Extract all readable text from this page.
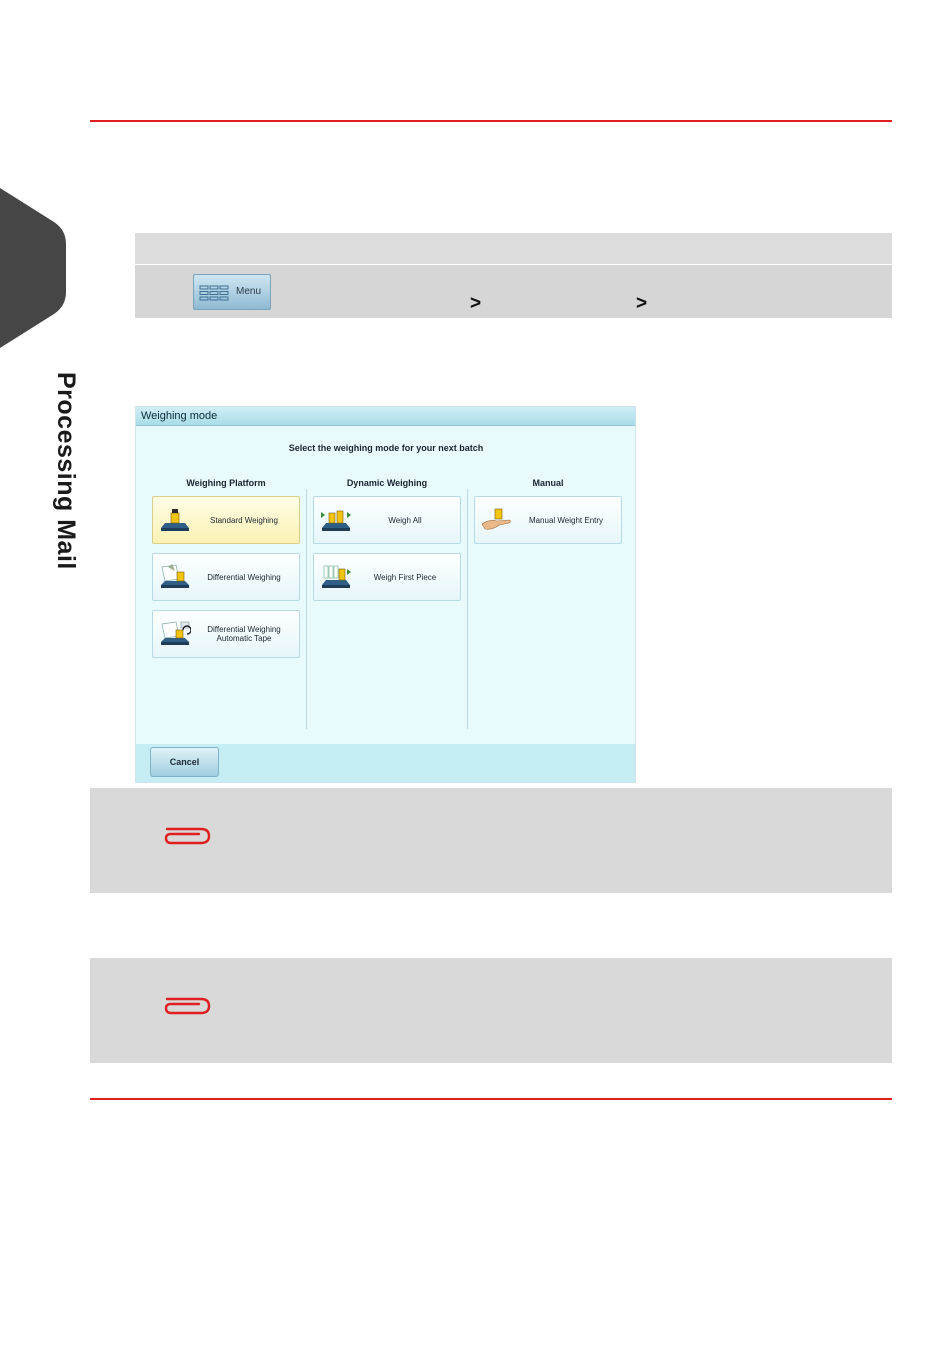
Processing Mail
Menu
>	>
Weighing mode
Select the weighing mode for your next batch
Weighing Platform	Dynamic Weighing	Manual
Standard Weighing
Differential Weighing
Differential Weighing
Automatic Tape
Weigh All
Weigh First Piece
Manual Weight Entry
Cancel
